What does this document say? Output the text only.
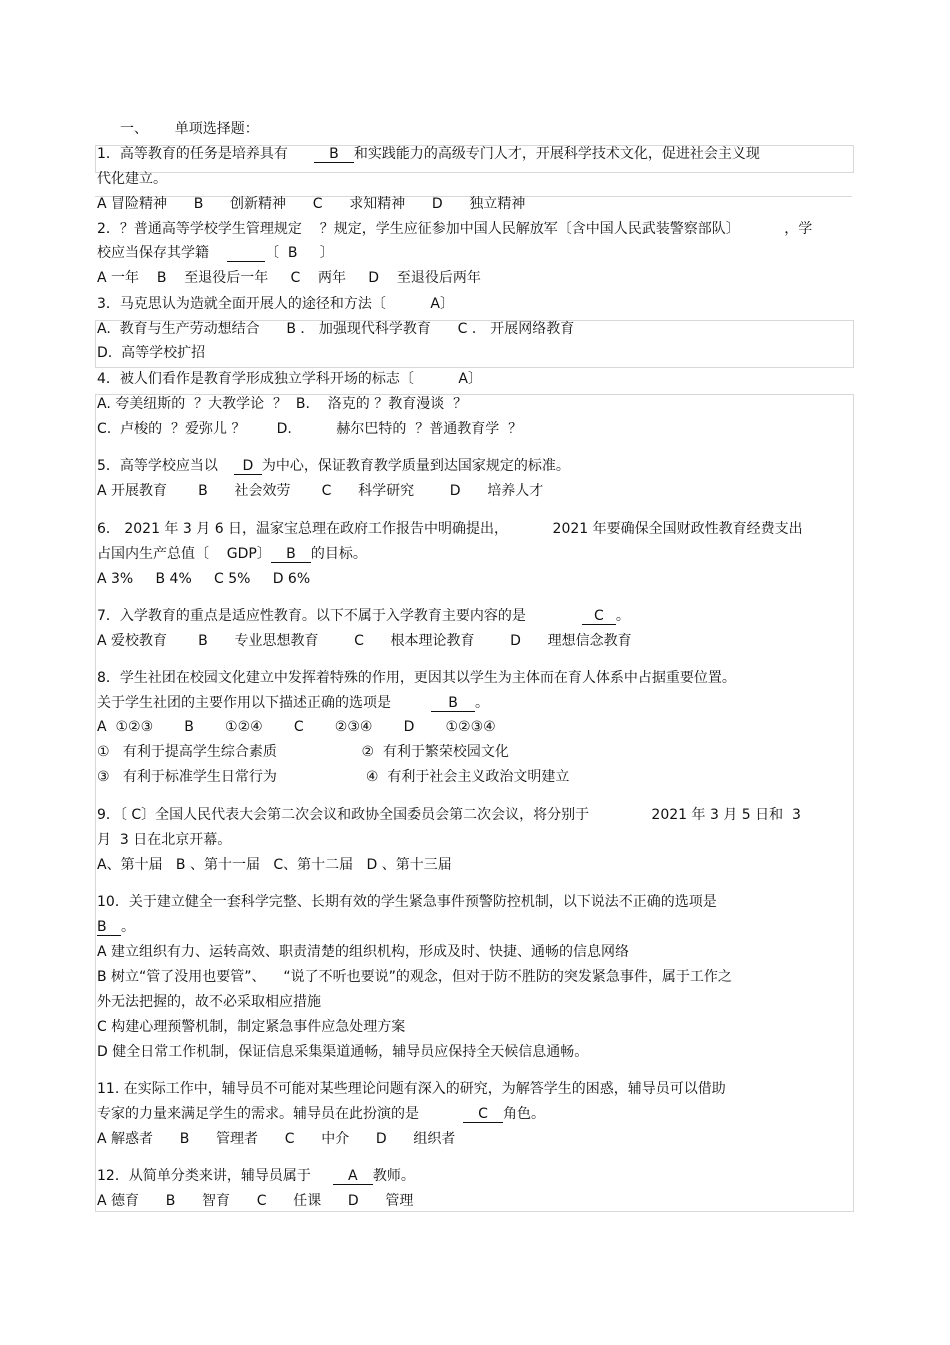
一、      单项选择题：
1．高等教育的任务是培养具有	B 和实践能力的高级专门人才，开展科学技术文化，促进社会主义现
代化建立。
A 冒险精神      B      创新精神      C      求知精神      D      独立精神
2．？普通高等学校学生管理规定    ？规定，学生应征参加中国人民解放军〔含中国人民武装警察部队〕          ，学
校应当保存其学籍	〔  B     〕
A 一年    B    至退役后一年     C    两年     D    至退役后两年
3．马克思认为造就全面开展人的途径和方法〔          A〕
A.  教育与生产劳动想结合      B ． 加强现代科学教育      C ． 开展网络教育
D.  高等学校扩招
4．被人们看作是教育学形成独立学科开场的标志〔          A〕
A. 夸美纽斯的  ？大教学论  ？  B.    洛克的 ？教育漫谈  ？
C.  卢梭的  ？爱弥儿 ？       D.          赫尔巴特的  ？普通教育学  ？
5．高等学校应当以 D 为中心，保证教育教学质量到达国家规定的标准。
A 开展教育       B      社会效劳       C      科学研究        D      培养人才
6． 2021 年 3 月 6 日，温家宝总理在政府工作报告中明确提出，          2021 年要确保全国财政性教育经费支出
占国内生产总值〔    GDP〕 B 的目标。
A 3%     B 4%     C 5%     D 6%
7．入学教育的重点是适应性教育。以下不属于入学教育主要内容的是	C 。
A 爱校教育       B      专业思想教育        C      根本理论教育        D      理想信念教育
8．学生社团在校园文化建立中发挥着特殊的作用，更因其以学生为主体而在育人体系中占据重要位置。
关于学生社团的主要作用以下描述正确的选项是	B 。
A  ①②③       B       ①②④       C       ②③④       D       ①②③④
①   有利于提高学生综合素质                   ②  有利于繁荣校园文化
③   有利于标准学生日常行为                    ④  有利于社会主义政治文明建立
9．〔 C〕全国人民代表大会第二次会议和政协全国委员会第二次会议，将分别于              2021 年 3 月 5 日和  3
月  3 日在北京开幕。
A、第十届   B 、第十一届   C、第十二届   D 、第十三届
10．关于建立健全一套科学完整、长期有效的学生紧急事件预警防控机制，以下说法不正确的选项是
B 。
A 建立组织有力、运转高效、职责清楚的组织机构，形成及时、快捷、通畅的信息网络
B 树立“管了没用也要管”、    “说了不听也要说”的观念，但对于防不胜防的突发紧急事件，属于工作之
外无法把握的，故不必采取相应措施
C 构建心理预警机制，制定紧急事件应急处理方案
D 健全日常工作机制，保证信息采集渠道通畅，辅导员应保持全天候信息通畅。
11. 在实际工作中，辅导员不可能对某些理论问题有深入的研究，为解答学生的困惑，辅导员可以借助
专家的力量来满足学生的需求。辅导员在此扮演的是	C 角色。
A 解惑者      B      管理者      C      中介      D      组织者
12．从简单分类来讲，辅导员属于	A 教师。
A 德育      B      智育      C      任课      D      管理
